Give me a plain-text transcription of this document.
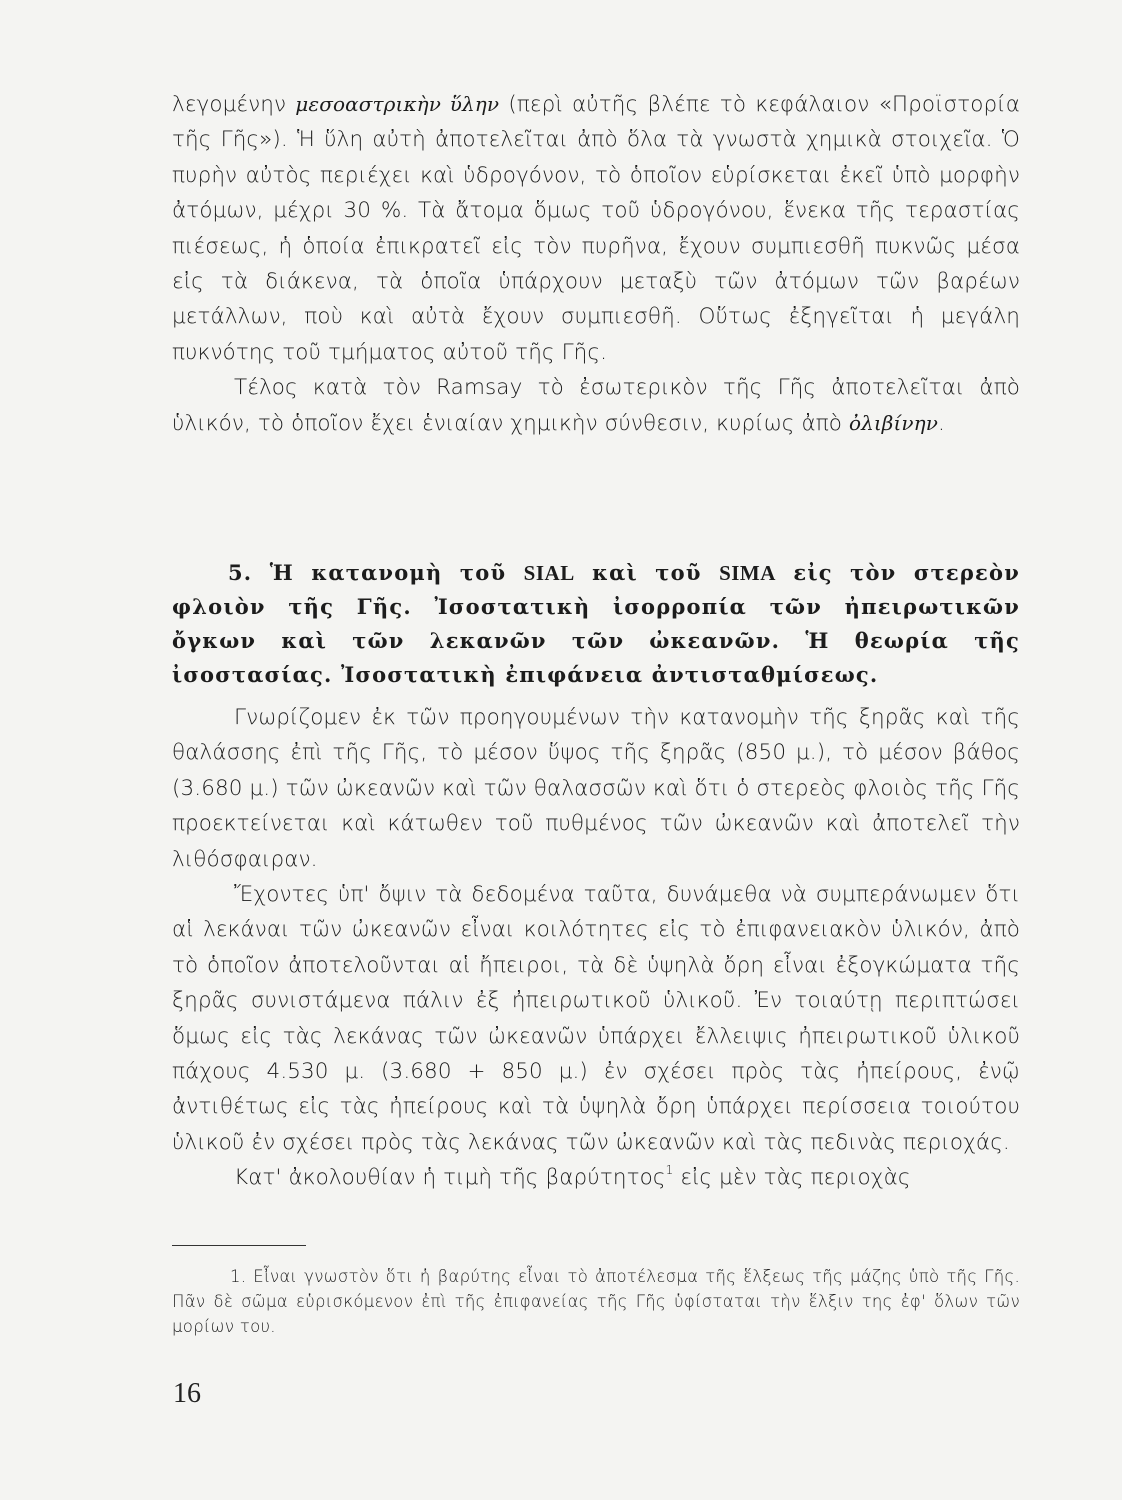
λεγομένην μεσοαστρικὴν ὕλην (περὶ αὐτῆς βλέπε τὸ κεφάλαιον «Προϊστορία τῆς Γῆς»). Ἡ ὕλη αὐτὴ ἀποτελεῖται ἀπὸ ὅλα τὰ γνωστὰ χημικὰ στοιχεῖα. Ὁ πυρὴν αὐτὸς περιέχει καὶ ὑδρογόνον, τὸ ὁποῖον εὑρίσκεται ἐκεῖ ὑπὸ μορφὴν ἀτόμων, μέχρι 30 %. Τὰ ἄτομα ὅμως τοῦ ὑδρογόνου, ἕνεκα τῆς τεραστίας πιέσεως, ἡ ὁποία ἐπικρατεῖ εἰς τὸν πυρῆνα, ἔχουν συμπιεσθῆ πυκνῶς μέσα εἰς τὰ διάκενα, τὰ ὁποῖα ὑπάρχουν μεταξὺ τῶν ἀτόμων τῶν βαρέων μετάλλων, ποὺ καὶ αὐτὰ ἔχουν συμπιεσθῆ. Οὕτως ἐξηγεῖται ἡ μεγάλη πυκνότης τοῦ τμήματος αὐτοῦ τῆς Γῆς.

Τέλος κατὰ τὸν Ramsay τὸ ἐσωτερικὸν τῆς Γῆς ἀποτελεῖται ἀπὸ ὑλικόν, τὸ ὁποῖον ἔχει ἑνιαίαν χημικὴν σύνθεσιν, κυρίως ἀπὸ ὀλιβίνην.

5. Ἡ κατανομὴ τοῦ SIAL καὶ τοῦ SIMA εἰς τὸν στερεὸν φλοιὸν τῆς Γῆς. Ἰσοστατικὴ ἰσορροπία τῶν ἠπειρωτικῶν ὄγκων καὶ τῶν λεκανῶν τῶν ὠκεανῶν. Ἡ θεωρία τῆς ἰσοστασίας. Ἰσοστατικὴ ἐπιφάνεια ἀντισταθμίσεως.

Γνωρίζομεν ἐκ τῶν προηγουμένων τὴν κατανομὴν τῆς ξηρᾶς καὶ τῆς θαλάσσης ἐπὶ τῆς Γῆς, τὸ μέσον ὕψος τῆς ξηρᾶς (850 μ.), τὸ μέσον βάθος (3.680 μ.) τῶν ὠκεανῶν καὶ τῶν θαλασσῶν καὶ ὅτι ὁ στερεὸς φλοιὸς τῆς Γῆς προεκτείνεται καὶ κάτωθεν τοῦ πυθμένος τῶν ὠκεανῶν καὶ ἀποτελεῖ τὴν λιθόσφαιραν.

Ἔχοντες ὑπ' ὄψιν τὰ δεδομένα ταῦτα, δυνάμεθα νὰ συμπεράνωμεν ὅτι αἱ λεκάναι τῶν ὠκεανῶν εἶναι κοιλότητες εἰς τὸ ἐπιφανειακὸν ὑλικόν, ἀπὸ τὸ ὁποῖον ἀποτελοῦνται αἱ ἤπειροι, τὰ δὲ ὑψηλὰ ὄρη εἶναι ἐξογκώματα τῆς ξηρᾶς συνιστάμενα πάλιν ἐξ ἠπειρωτικοῦ ὑλικοῦ. Ἐν τοιαύτῃ περιπτώσει ὅμως εἰς τὰς λεκάνας τῶν ὠκεανῶν ὑπάρχει ἔλλειψις ἠπειρωτικοῦ ὑλικοῦ πάχους 4.530 μ. (3.680 + 850 μ.) ἐν σχέσει πρὸς τὰς ἠπείρους, ἐνῷ ἀντιθέτως εἰς τὰς ἠπείρους καὶ τὰ ὑψηλὰ ὄρη ὑπάρχει περίσσεια τοιούτου ὑλικοῦ ἐν σχέσει πρὸς τὰς λεκάνας τῶν ὠκεανῶν καὶ τὰς πεδινὰς περιοχάς.

Κατ' ἀκολουθίαν ἡ τιμὴ τῆς βαρύτητος$^1$ εἰς μὲν τὰς περιοχὰς

1. Εἶναι γνωστὸν ὅτι ἡ βαρύτης εἶναι τὸ ἀποτέλεσμα τῆς ἕλξεως τῆς μάζης ὑπὸ τῆς Γῆς. Πᾶν δὲ σῶμα εὑρισκόμενον ἐπὶ τῆς ἐπιφανείας τῆς Γῆς ὑφίσταται τὴν ἕλξιν της ἐφ' ὅλων τῶν μορίων του.

16
